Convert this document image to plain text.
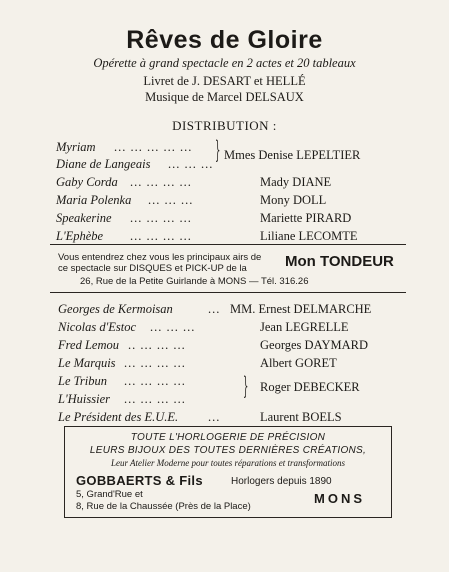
Rêves de Gloire
Opérette à grand spectacle en 2 actes et 20 tableaux
Livret de J. DESART et HELLÉ
Musique de Marcel DELSAUX
DISTRIBUTION :
Myriam ... ... ... ... ...
Diane de Langeais ... ... ... } Mmes Denise LEPELTIER
Gaby Corda ... ... ... ...	Mady DIANE
Maria Polenka ... ... ...	Mony DOLL
Speakerine ... ... ... ...	Mariette PIRARD
L'Ephèbe ... ... ... ...	Liliane LECOMTE
Vous entendrez chez vous les principaux airs de
ce spectacle sur DISQUES et PICK-UP de la	Mon TONDEUR
26, Rue de la Petite Guirlande à MONS — Tél. 316.26
Georges de Kermoisan	... MM. Ernest DELMARCHE
Nicolas d'Estoc ... ... ...	Jean LEGRELLE
Fred Lemou .. ... ... ...	Georges DAYMARD
Le Marquis ... ... ... ...	Albert GORET
Le Tribun ... ... ... ...
L'Huissier ... ... ... ... } Roger DEBECKER
Le Président des E.U.E. ...	Laurent BOELS
TOUTE L'HORLOGERIE DE PRÉCISION
LEURS BIJOUX DES TOUTES DERNIÈRES CRÉATIONS,
Leur Atelier Moderne pour toutes réparations et transformations
GOBBAERTS & Fils	Horlogers depuis 1890
5, Grand'Rue et
8, Rue de la Chaussée (Près de la Place)
MONS
